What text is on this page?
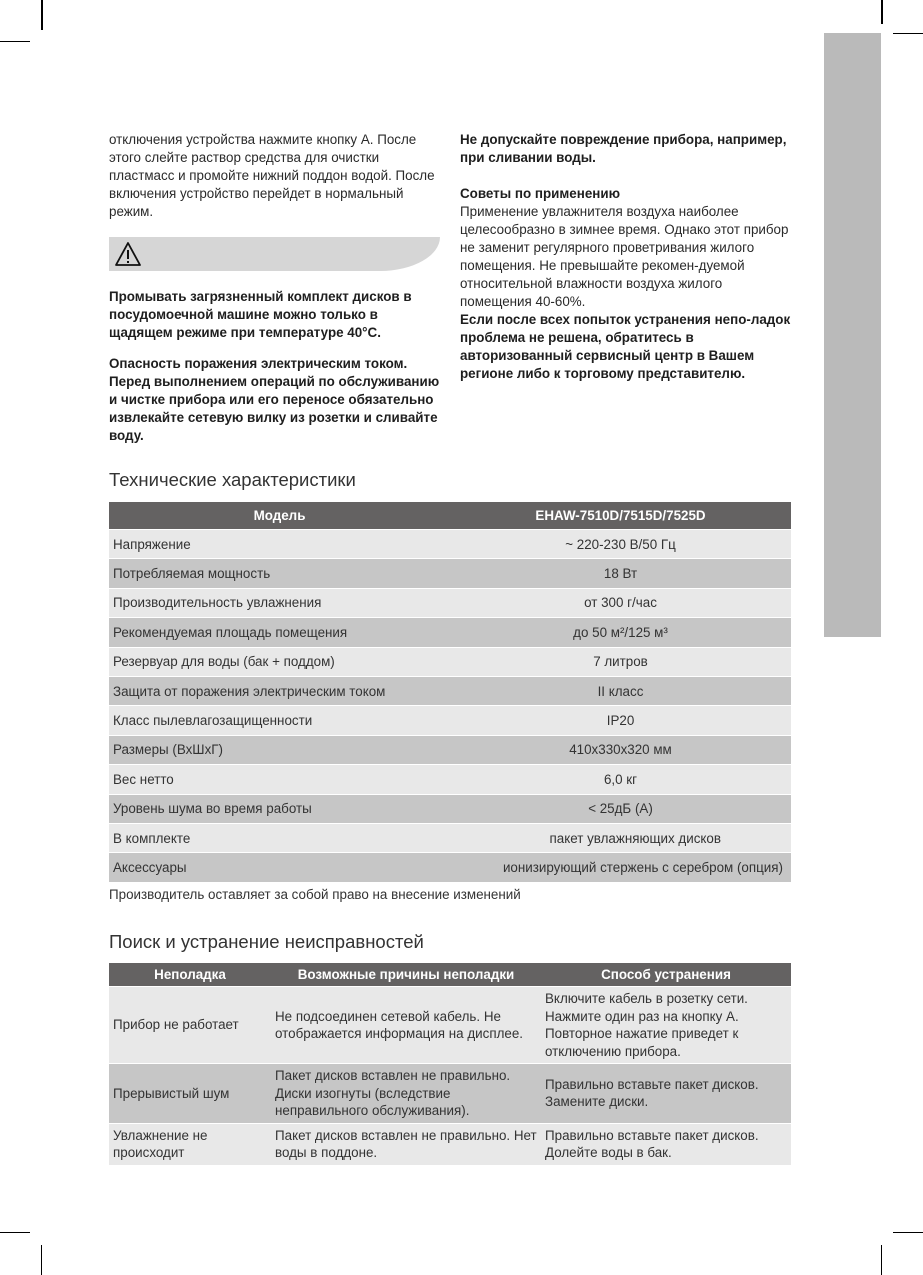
отключения устройства нажмите кнопку А. После этого слейте раствор средства для очистки пластмасс и промойте нижний поддон водой. После включения устройство перейдет в нормальный режим.

Промывать загрязненный комплект дисков в посудомоечной машине можно только в щадящем режиме при температуре 40°С.

Опасность поражения электрическим током. Перед выполнением операций по обслуживанию и чистке прибора или его переносе обязательно извлекайте сетевую вилку из розетки и сливайте воду.

Не допускайте повреждение прибора, например, при сливании воды.

Советы по применению

Применение увлажнителя воздуха наиболее целесообразно в зимнее время. Однако этот прибор не заменит регулярного проветривания жилого помещения. Не превышайте рекомен-дуемой относительной влажности воздуха жилого помещения 40-60%.

Если после всех попыток устранения непо-ладок проблема не решена, обратитесь в авторизованный сервисный центр в Вашем регионе либо к торговому представителю.

Технические характеристики
Модель	EHAW-7510D/7515D/7525D
Напряжение	~ 220-230 В/50 Гц
Потребляемая мощность	18 Вт
Производительность увлажнения	от 300 г/час
Рекомендуемая площадь помещения	до 50 м²/125 м³
Резервуар для воды (бак + поддом)	7 литров
Защита от поражения электрическим током	II класс
Класс пылевлагозащищенности	IP20
Размеры (ВхШхГ)	410x330x320 мм
Вес нетто	6,0 кг
Уровень шума во время работы	< 25дБ (А)
В комплекте	пакет увлажняющих дисков
Аксессуары	ионизирующий стержень с серебром (опция)
Производитель оставляет за собой право на внесение изменений
Поиск и устранение неисправностей
Неполадка	Возможные причины неполадки	Способ устранения
Прибор не работает	Не подсоединен сетевой кабель. Не отображается информация на дисплее.	Включите кабель в розетку сети. Нажмите один раз на кнопку А. Повторное нажатие приведет к отключению прибора.
Прерывистый шум	Пакет дисков вставлен не правильно. Диски изогнуты (вследствие неправильного обслуживания).	Правильно вставьте пакет дисков. Замените диски.
Увлажнение не происходит	Пакет дисков вставлен не правильно. Нет воды в поддоне.	Правильно вставьте пакет дисков. Долейте воды в бак.
